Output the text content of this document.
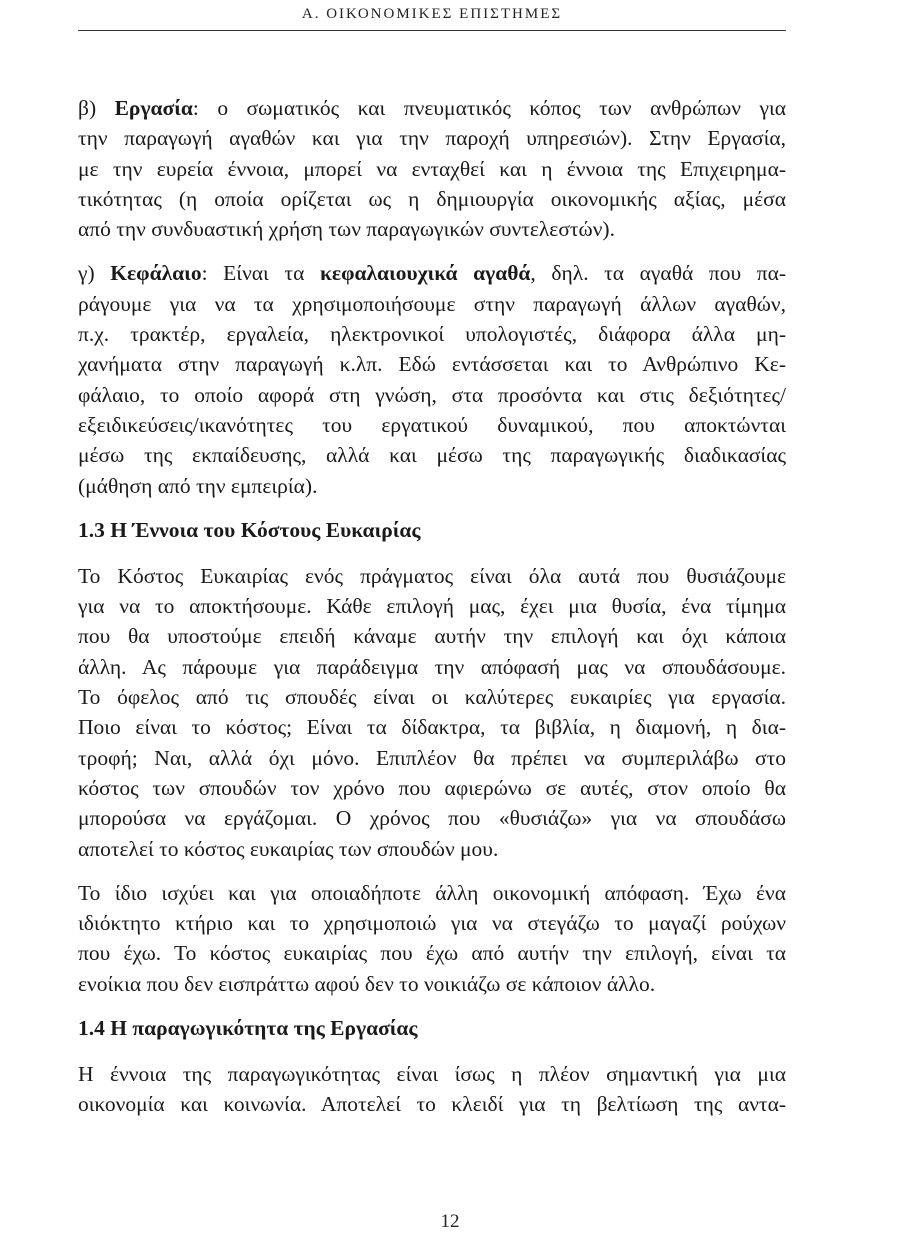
Α. ΟΙΚΟΝΟΜΙΚΕΣ ΕΠΙΣΤΗΜΕΣ
β) Εργασία: ο σωματικός και πνευματικός κόπος των ανθρώπων για
την παραγωγή αγαθών και για την παροχή υπηρεσιών). Στην Εργασία,
με την ευρεία έννοια, μπορεί να ενταχθεί και η έννοια της Επιχειρημα-
τικότητας (η οποία ορίζεται ως η δημιουργία οικονομικής αξίας, μέσα
από την συνδυαστική χρήση των παραγωγικών συντελεστών).
γ) Κεφάλαιο: Είναι τα κεφαλαιουχικά αγαθά, δηλ. τα αγαθά που πα-
ράγουμε για να τα χρησιμοποιήσουμε στην παραγωγή άλλων αγαθών,
π.χ. τρακτέρ, εργαλεία, ηλεκτρονικοί υπολογιστές, διάφορα άλλα μη-
χανήματα στην παραγωγή κ.λπ. Εδώ εντάσσεται και το Ανθρώπινο Κε-
φάλαιο, το οποίο αφορά στη γνώση, στα προσόντα και στις δεξιότητες/
εξειδικεύσεις/ικανότητες του εργατικού δυναμικού, που αποκτώνται
μέσω της εκπαίδευσης, αλλά και μέσω της παραγωγικής διαδικασίας
(μάθηση από την εμπειρία).
1.3 Η Έννοια του Κόστους Ευκαιρίας
Το Κόστος Ευκαιρίας ενός πράγματος είναι όλα αυτά που θυσιάζουμε
για να το αποκτήσουμε. Κάθε επιλογή μας, έχει μια θυσία, ένα τίμημα
που θα υποστούμε επειδή κάναμε αυτήν την επιλογή και όχι κάποια
άλλη. Ας πάρουμε για παράδειγμα την απόφασή μας να σπουδάσουμε.
Το όφελος από τις σπουδές είναι οι καλύτερες ευκαιρίες για εργασία.
Ποιο είναι το κόστος; Είναι τα δίδακτρα, τα βιβλία, η διαμονή, η δια-
τροφή; Ναι, αλλά όχι μόνο. Επιπλέον θα πρέπει να συμπεριλάβω στο
κόστος των σπουδών τον χρόνο που αφιερώνω σε αυτές, στον οποίο θα
μπορούσα να εργάζομαι. Ο χρόνος που «θυσιάζω» για να σπουδάσω
αποτελεί το κόστος ευκαιρίας των σπουδών μου.
Το ίδιο ισχύει και για οποιαδήποτε άλλη οικονομική απόφαση. Έχω ένα
ιδιόκτητο κτήριο και το χρησιμοποιώ για να στεγάζω το μαγαζί ρούχων
που έχω. Το κόστος ευκαιρίας που έχω από αυτήν την επιλογή, είναι τα
ενοίκια που δεν εισπράττω αφού δεν το νοικιάζω σε κάποιον άλλο.
1.4 Η παραγωγικότητα της Εργασίας
Η έννοια της παραγωγικότητας είναι ίσως η πλέον σημαντική για μια
οικονομία και κοινωνία. Αποτελεί το κλειδί για τη βελτίωση της αντα-
12
